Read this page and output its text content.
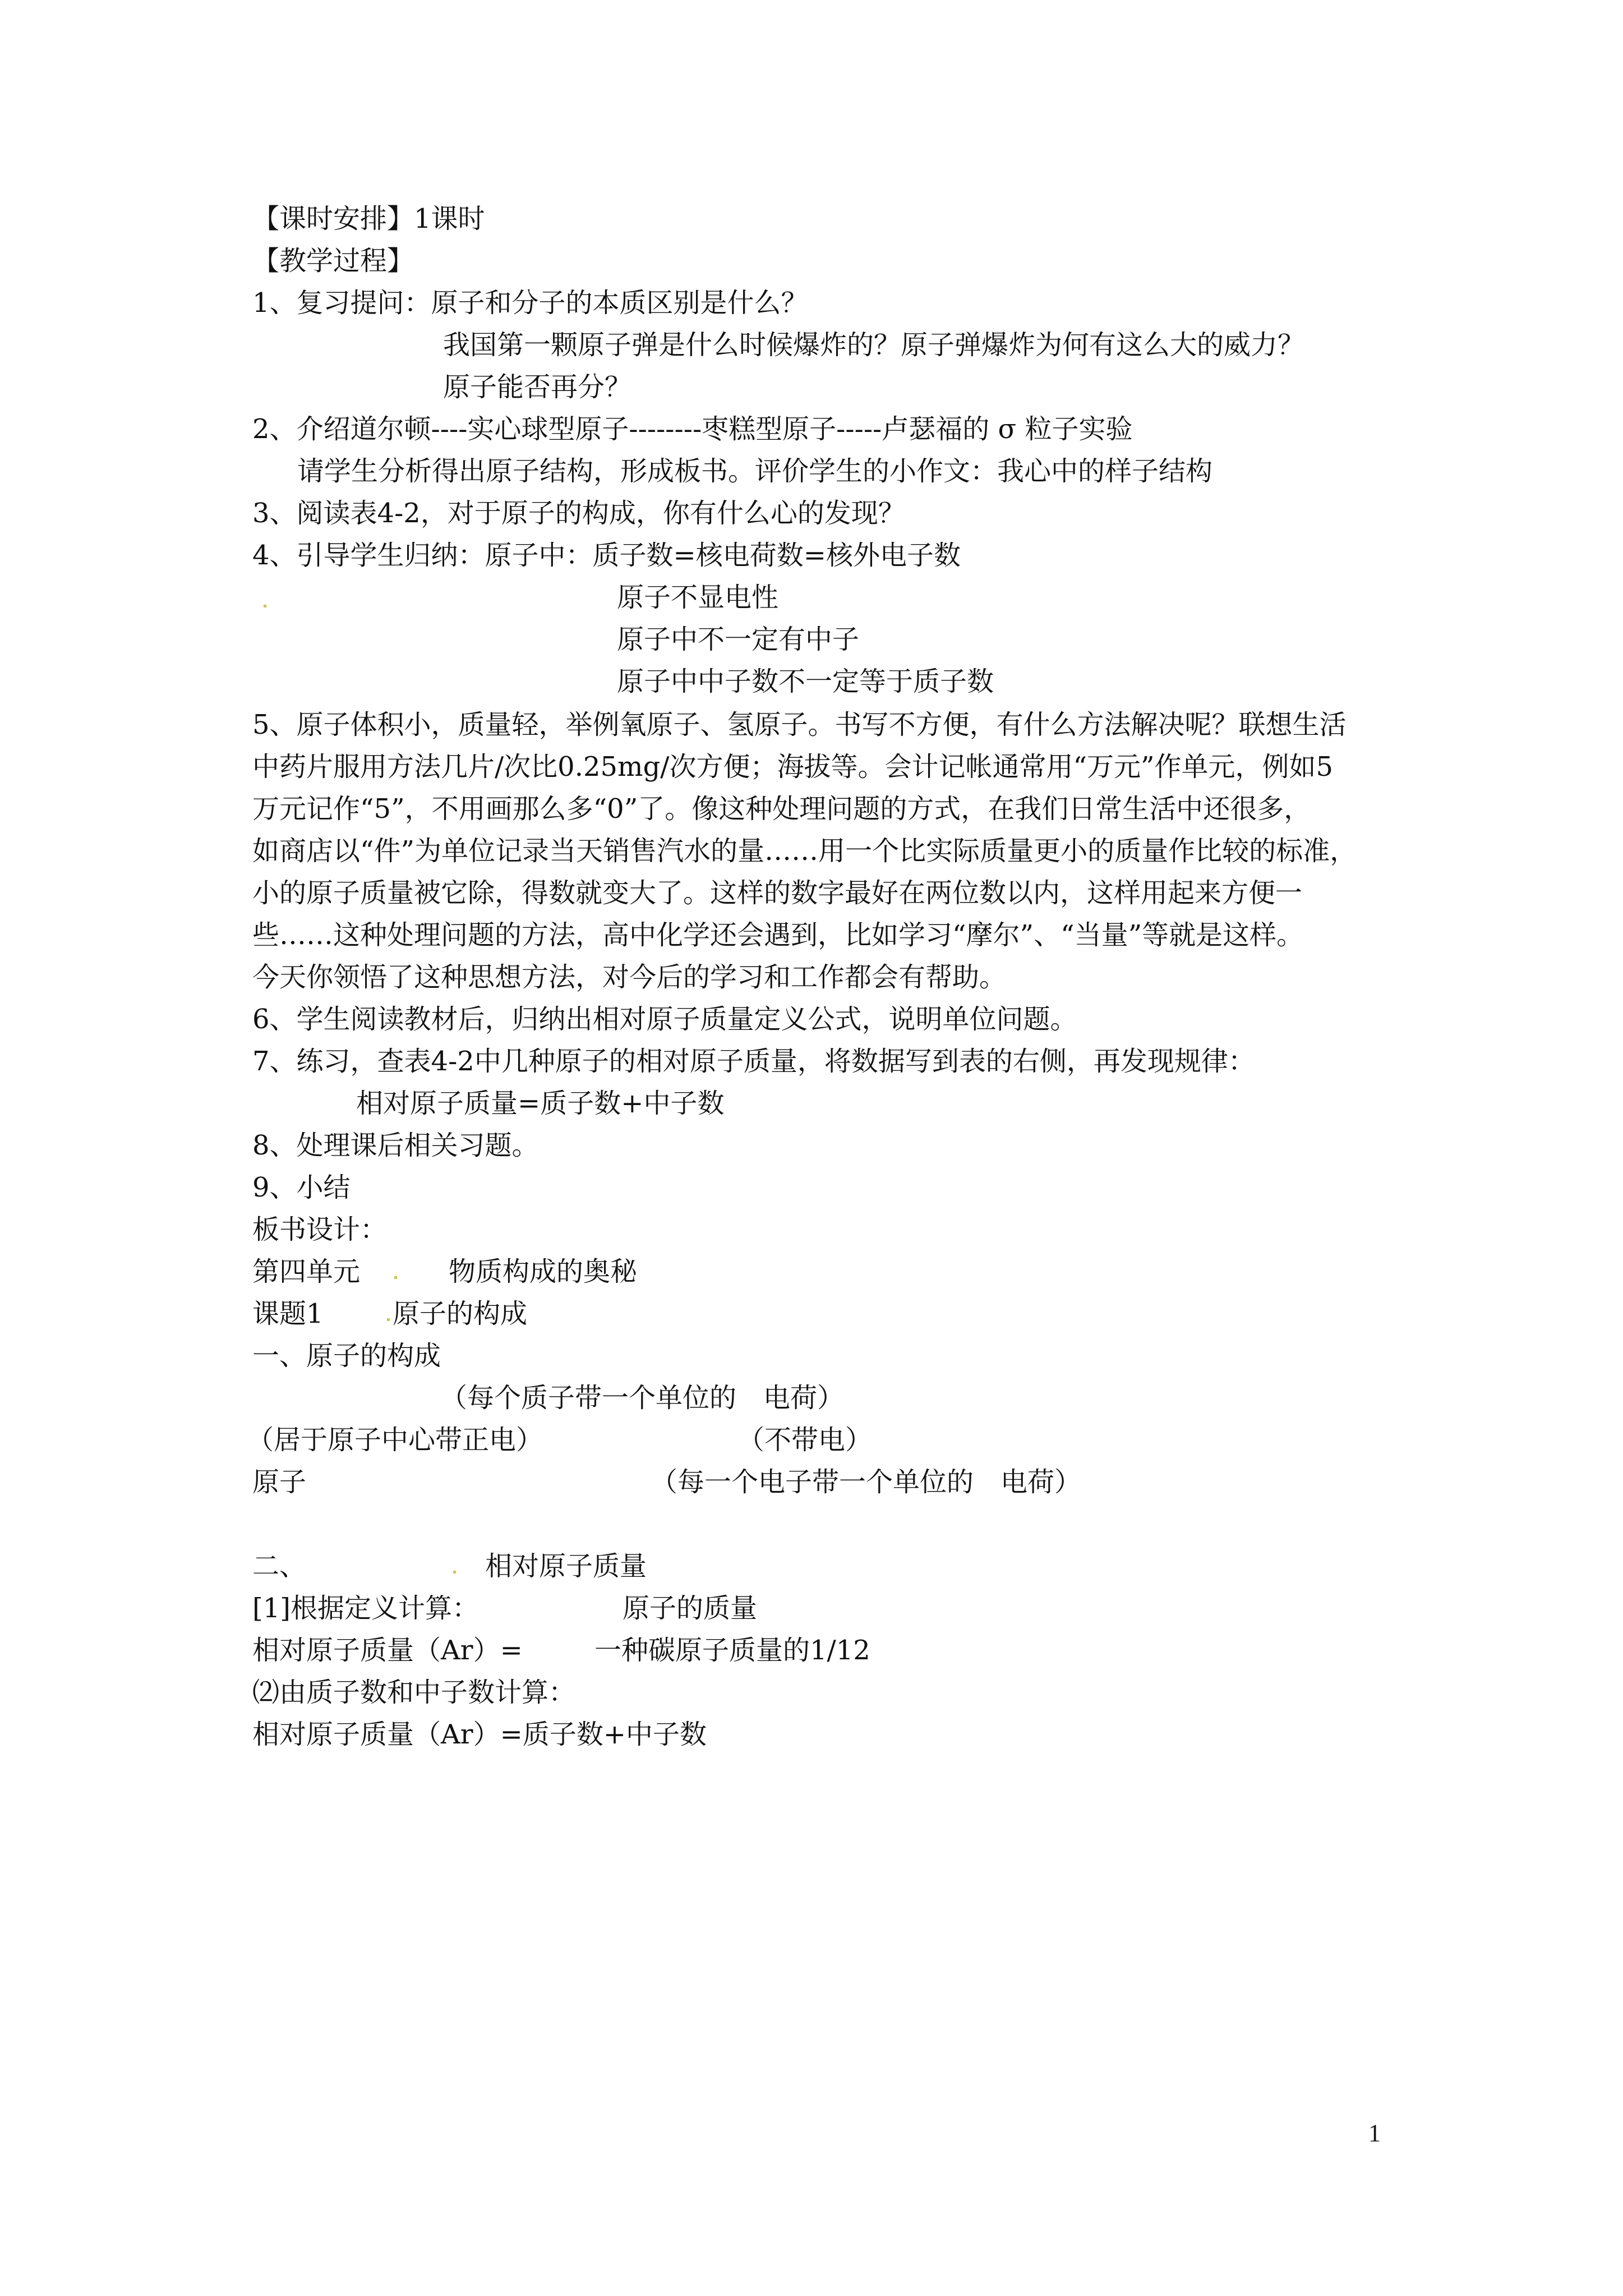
【课时安排】1课时

【教学过程】

1、复习提问：原子和分子的本质区别是什么？

我国第一颗原子弹是什么时候爆炸的？原子弹爆炸为何有这么大的威力？

原子能否再分？

2、介绍道尔顿----实心球型原子--------枣糕型原子-----卢瑟福的 σ 粒子实验

请学生分析得出原子结构，形成板书。评价学生的小作文：我心中的样子结构

3、阅读表4-2，对于原子的构成，你有什么心的发现？

4、引导学生归纳：原子中：质子数=核电荷数=核外电子数

原子不显电性

原子中不一定有中子

原子中中子数不一定等于质子数

5、原子体积小，质量轻，举例氧原子、氢原子。书写不方便，有什么方法解决呢？联想生活

中药片服用方法几片/次比0.25mg/次方便；海拔等。会计记帐通常用“万元”作单元，例如5

万元记作“5”，不用画那么多“0”了。像这种处理问题的方式，在我们日常生活中还很多，

如商店以“件”为单位记录当天销售汽水的量……用一个比实际质量更小的质量作比较的标准，

小的原子质量被它除，得数就变大了。这样的数字最好在两位数以内，这样用起来方便一

些……这种处理问题的方法，高中化学还会遇到，比如学习“摩尔”、“当量”等就是这样。

今天你领悟了这种思想方法，对今后的学习和工作都会有帮助。

6、学生阅读教材后，归纳出相对原子质量定义公式，说明单位问题。

7、练习，查表4-2中几种原子的相对原子质量，将数据写到表的右侧，再发现规律：

相对原子质量=质子数+中子数

8、处理课后相关习题。

9、小结

板书设计：

第四单元	物质构成的奥秘

课题1	原子的构成

一、原子的构成

（每个质子带一个单位的　电荷）

（居于原子中心带正电）	（不带电）

原子	（每一个电子带一个单位的　电荷）

二、	相对原子质量

[1]根据定义计算：	原子的质量

相对原子质量（Ar）=	一种碳原子质量的1/12

⑵由质子数和中子数计算：

相对原子质量（Ar）=质子数+中子数

1
